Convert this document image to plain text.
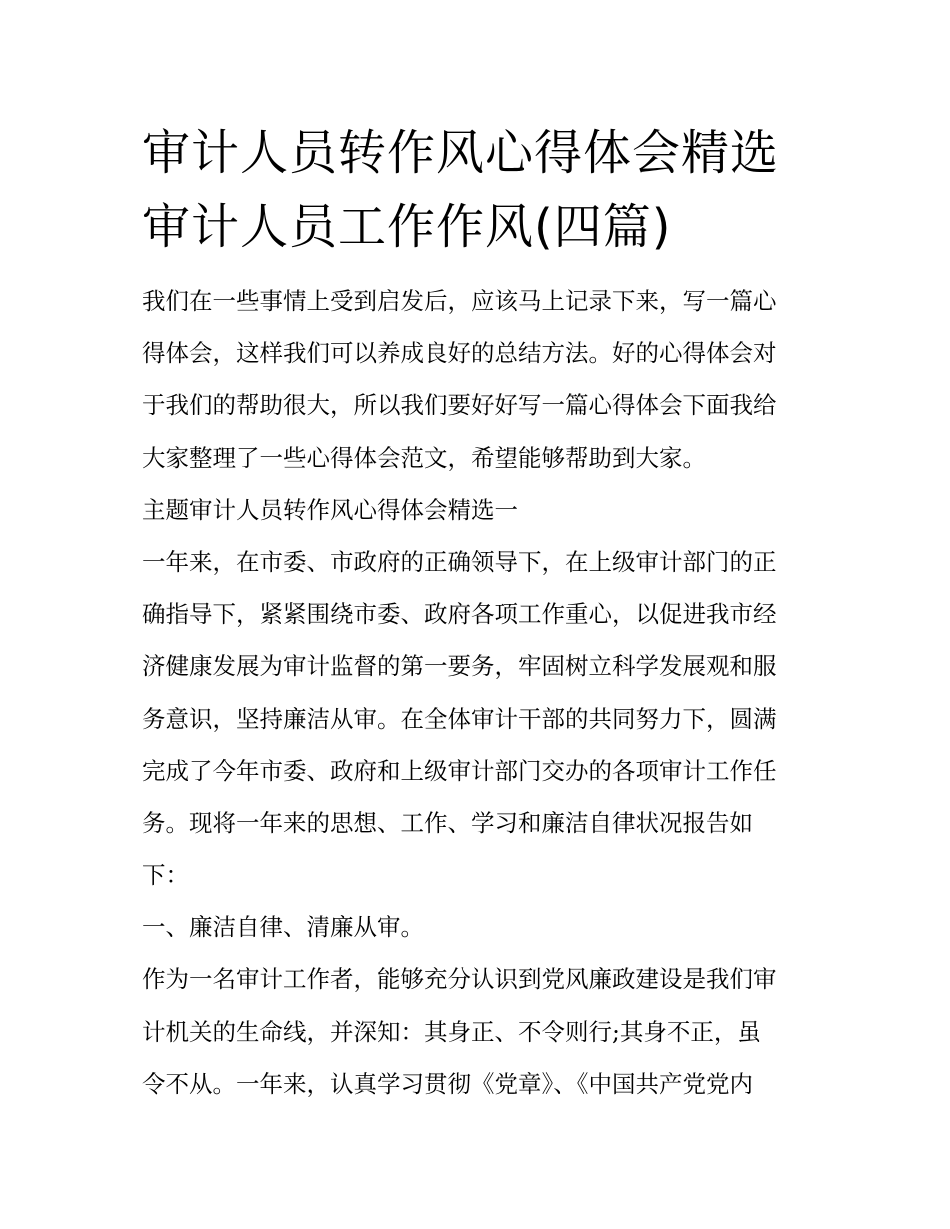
审计人员转作风心得体会精选
审计人员工作作风(四篇)
我们在一些事情上受到启发后，应该马上记录下来，写一篇心
得体会，这样我们可以养成良好的总结方法。好的心得体会对
于我们的帮助很大，所以我们要好好写一篇心得体会下面我给
大家整理了一些心得体会范文，希望能够帮助到大家。
主题审计人员转作风心得体会精选一
一年来，在市委、市政府的正确领导下，在上级审计部门的正
确指导下，紧紧围绕市委、政府各项工作重心，以促进我市经
济健康发展为审计监督的第一要务，牢固树立科学发展观和服
务意识，坚持廉洁从审。在全体审计干部的共同努力下，圆满
完成了今年市委、政府和上级审计部门交办的各项审计工作任
务。现将一年来的思想、工作、学习和廉洁自律状况报告如
下：
一、廉洁自律、清廉从审。
作为一名审计工作者，能够充分认识到党风廉政建设是我们审
计机关的生命线，并深知：其身正、不令则行;其身不正，虽
令不从。一年来，认真学习贯彻《党章》、《中国共产党党内
